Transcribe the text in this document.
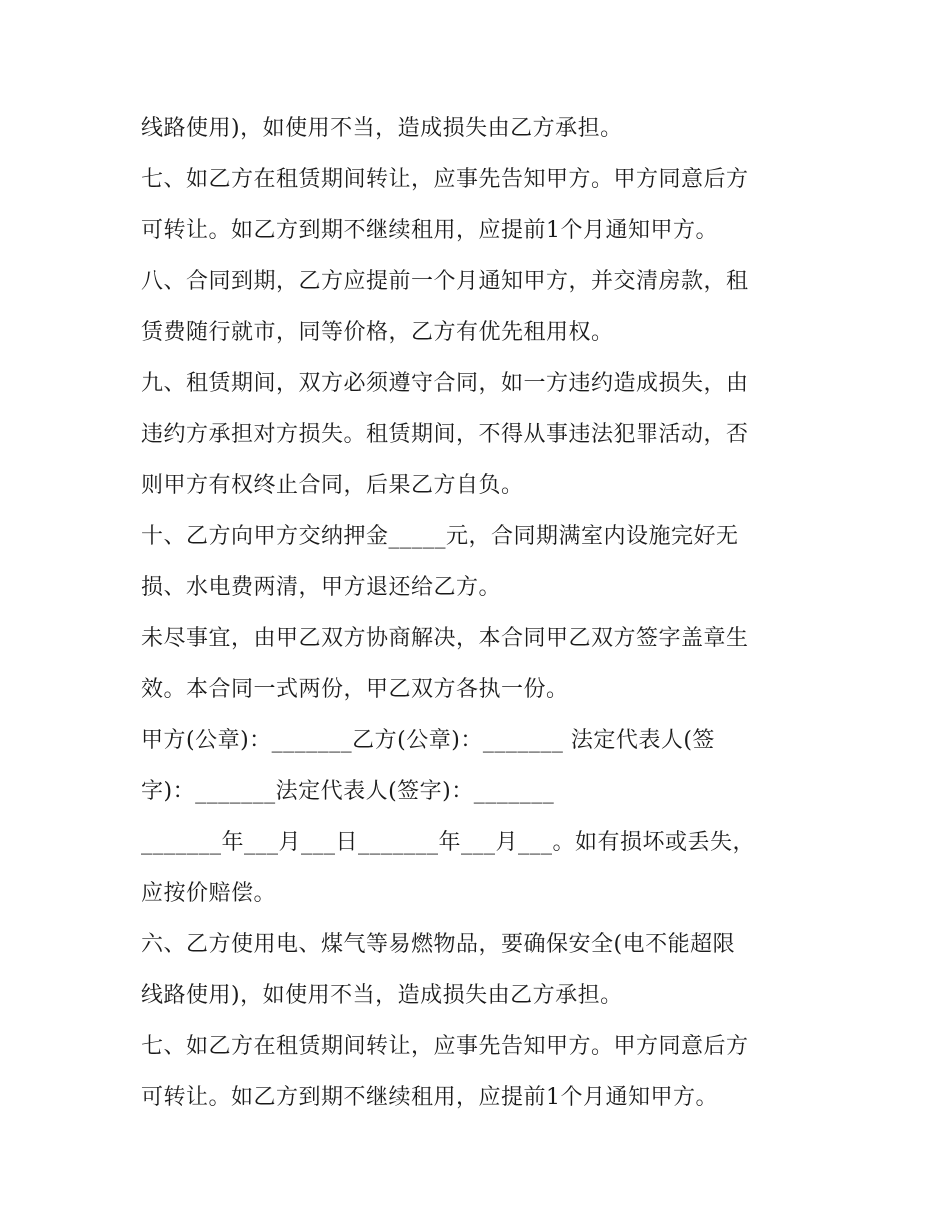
线路使用)，如使用不当，造成损失由乙方承担。
七、如乙方在租赁期间转让，应事先告知甲方。甲方同意后方
可转让。如乙方到期不继续租用，应提前1个月通知甲方。
八、合同到期，乙方应提前一个月通知甲方，并交清房款，租
赁费随行就市，同等价格，乙方有优先租用权。
九、租赁期间，双方必须遵守合同，如一方违约造成损失，由
违约方承担对方损失。租赁期间，不得从事违法犯罪活动，否
则甲方有权终止合同，后果乙方自负。
十、乙方向甲方交纳押金_____元，合同期满室内设施完好无
损、水电费两清，甲方退还给乙方。
未尽事宜，由甲乙双方协商解决，本合同甲乙双方签字盖章生
效。本合同一式两份，甲乙双方各执一份。
甲方(公章)：_______乙方(公章)：_______ 法定代表人(签
字)：_______法定代表人(签字)：_______
_______年___月___日_______年___月___。如有损坏或丢失，
应按价赔偿。
六、乙方使用电、煤气等易燃物品，要确保安全(电不能超限
线路使用)，如使用不当，造成损失由乙方承担。
七、如乙方在租赁期间转让，应事先告知甲方。甲方同意后方
可转让。如乙方到期不继续租用，应提前1个月通知甲方。
